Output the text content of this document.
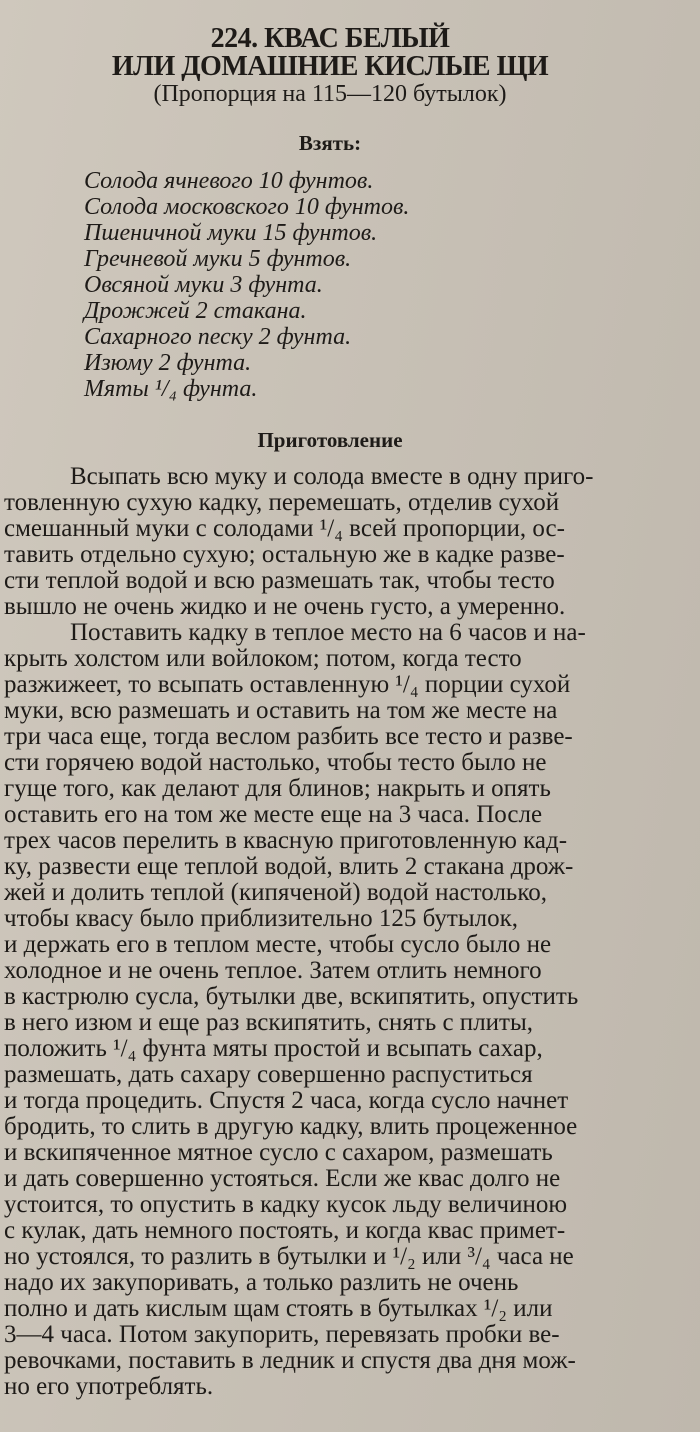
224. КВАС БЕЛЫЙ
ИЛИ ДОМАШНИЕ КИСЛЫЕ ЩИ
(Пропорция на 115—120 бутылок)
Взять:
Солода ячневого 10 фунтов.
Солода московского 10 фунтов.
Пшеничной муки 15 фунтов.
Гречневой муки 5 фунтов.
Овсяной муки 3 фунта.
Дрожжей 2 стакана.
Сахарного песку 2 фунта.
Изюму 2 фунта.
Мяты ¹/₄ фунта.
Приготовление
Всыпать всю муку и солода вместе в одну приго-
товленную сухую кадку, перемешать, отделив сухой
смешанный муки с солодами ¹/₄ всей пропорции, ос-
тавить отдельно сухую; остальную же в кадке разве-
сти теплой водой и всю размешать так, чтобы тесто
вышло не очень жидко и не очень густо, а умеренно.
Поставить кадку в теплое место на 6 часов и на-
крыть холстом или войлоком; потом, когда тесто
разжижеет, то всыпать оставленную ¹/₄ порции сухой
муки, всю размешать и оставить на том же месте на
три часа еще, тогда веслом разбить все тесто и разве-
сти горячею водой настолько, чтобы тесто было не
гуще того, как делают для блинов; накрыть и опять
оставить его на том же месте еще на 3 часа. После
трех часов перелить в квасную приготовленную кад-
ку, развести еще теплой водой, влить 2 стакана дрож-
жей и долить теплой (кипяченой) водой настолько,
чтобы квасу было приблизительно 125 бутылок,
и держать его в теплом месте, чтобы сусло было не
холодное и не очень теплое. Затем отлить немного
в кастрюлю сусла, бутылки две, вскипятить, опустить
в него изюм и еще раз вскипятить, снять с плиты,
положить ¹/₄ фунта мяты простой и всыпать сахар,
размешать, дать сахару совершенно распуститься
и тогда процедить. Спустя 2 часа, когда сусло начнет
бродить, то слить в другую кадку, влить процеженное
и вскипяченное мятное сусло с сахаром, размешать
и дать совершенно устояться. Если же квас долго не
устоится, то опустить в кадку кусок льду величиною
с кулак, дать немного постоять, и когда квас примет-
но устоялся, то разлить в бутылки и ¹/₂ или ³/₄ часа не
надо их закупоривать, а только разлить не очень
полно и дать кислым щам стоять в бутылках ¹/₂ или
3—4 часа. Потом закупорить, перевязать пробки ве-
ревочками, поставить в ледник и спустя два дня мож-
но его употреблять.
